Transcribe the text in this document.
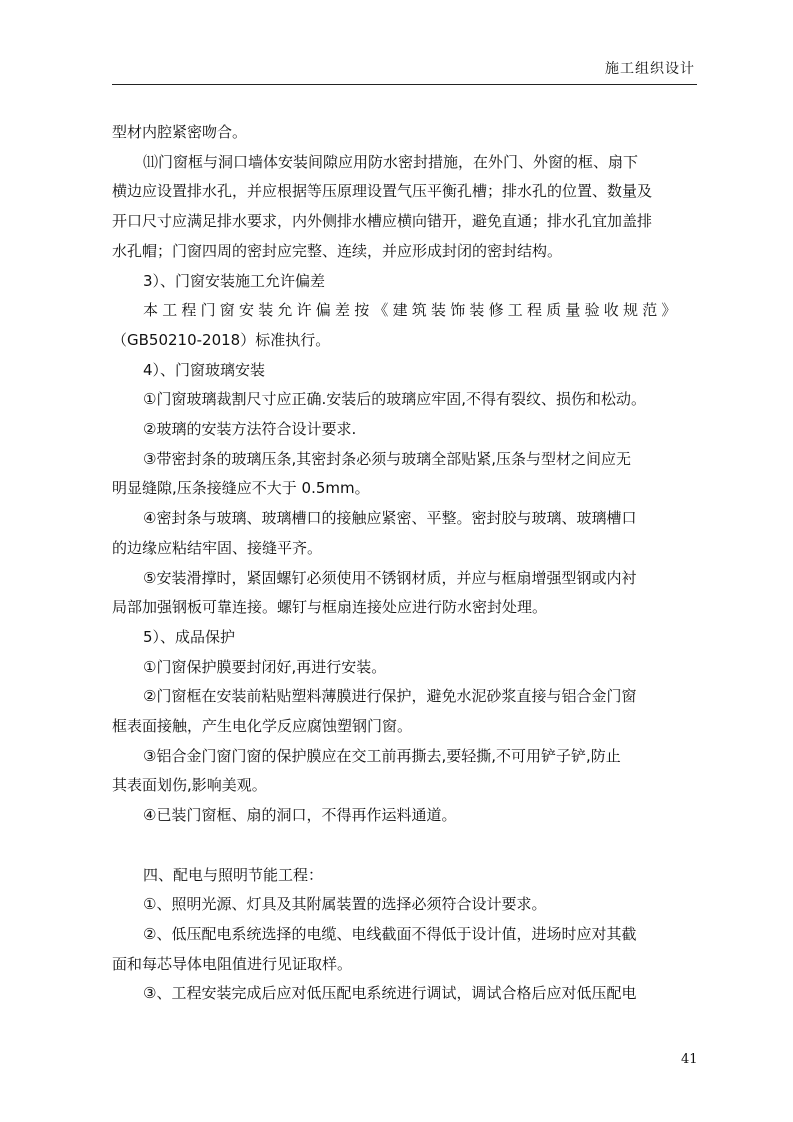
施工组织设计

型材内腔紧密吻合。

⑾门窗框与洞口墙体安装间隙应用防水密封措施，在外门、外窗的框、扇下

横边应设置排水孔，并应根据等压原理设置气压平衡孔槽；排水孔的位置、数量及

开口尺寸应满足排水要求，内外侧排水槽应横向错开，避免直通；排水孔宜加盖排

水孔帽；门窗四周的密封应完整、连续，并应形成封闭的密封结构。

3）、门窗安装施工允许偏差

本工程门窗安装允许偏差按《建筑装饰装修工程质量验收规范》

（GB50210-2018）标准执行。

4）、门窗玻璃安装

①门窗玻璃裁割尺寸应正确.安装后的玻璃应牢固,不得有裂纹、损伤和松动。

②玻璃的安装方法符合设计要求.

③带密封条的玻璃压条,其密封条必须与玻璃全部贴紧,压条与型材之间应无

明显缝隙,压条接缝应不大于 0.5mm。

④密封条与玻璃、玻璃槽口的接触应紧密、平整。密封胶与玻璃、玻璃槽口

的边缘应粘结牢固、接缝平齐。

⑤安装滑撑时，紧固螺钉必须使用不锈钢材质，并应与框扇增强型钢或内衬

局部加强钢板可靠连接。螺钉与框扇连接处应进行防水密封处理。

5）、成品保护

①门窗保护膜要封闭好,再进行安装。

②门窗框在安装前粘贴塑料薄膜进行保护，避免水泥砂浆直接与铝合金门窗

框表面接触，产生电化学反应腐蚀塑钢门窗。

③铝合金门窗门窗的保护膜应在交工前再撕去,要轻撕,不可用铲子铲,防止

其表面划伤,影响美观。

④已装门窗框、扇的洞口，不得再作运料通道。

四、配电与照明节能工程：

①、照明光源、灯具及其附属装置的选择必须符合设计要求。

②、低压配电系统选择的电缆、电线截面不得低于设计值，进场时应对其截

面和每芯导体电阻值进行见证取样。

③、工程安装完成后应对低压配电系统进行调试，调试合格后应对低压配电

41
